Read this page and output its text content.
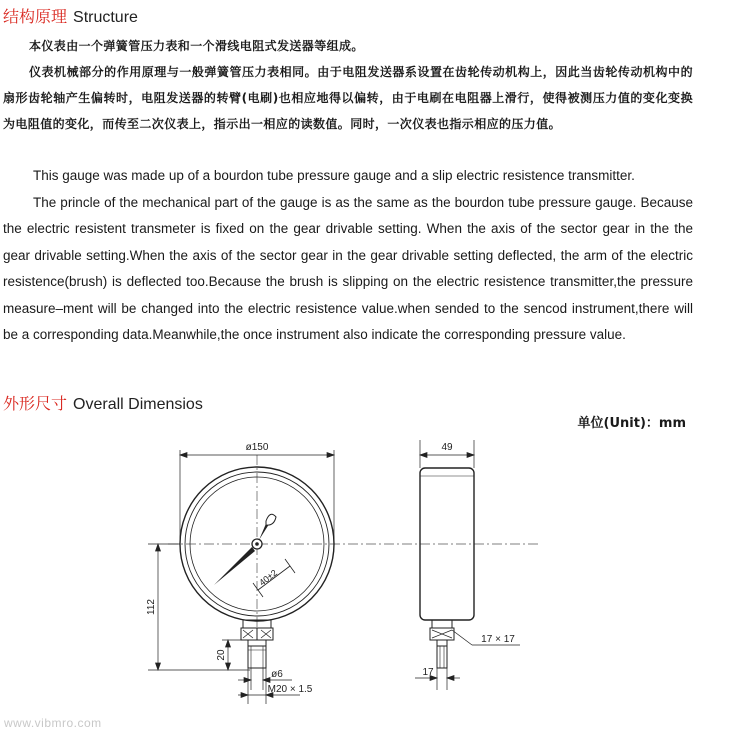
结构原理 Structure

本仪表由一个弹簧管压力表和一个滑线电阻式发送器等组成。

仪表机械部分的作用原理与一般弹簧管压力表相同。由于电阻发送器系设置在齿轮传动机构上，因此当齿轮传动机构中的扇形齿轮轴产生偏转时，电阻发送器的转臂(电刷)也相应地得以偏转，由于电刷在电阻器上滑行，使得被测压力值的变化变换为电阻值的变化，而传至二次仪表上，指示出一相应的读数值。同时，一次仪表也指示相应的压力值。

This gauge was made up of a bourdon tube pressure gauge and a slip electric resistence transmitter.

The princle of the mechanical part of the gauge is as the same as the bourdon tube pressure gauge. Because the electric resistent transmeter is fixed on the gear drivable setting. When the axis of the sector gear in the the gear drivable setting.When the axis of the sector gear in the gear drivable setting deflected, the arm of the electric resistence(brush) is deflected too.Because the brush is slipping on the electric resistence transmitter,the pressure measure–ment will be changed into the electric resistence value.when sended to the sencod instrument,there will be a corresponding data.Meanwhile,the once instrument also indicate the corresponding pressure value.

外形尺寸 Overall Dimensios
单位(Unit)：mm
ø150	49
112
20
ø6
M20 × 1.5
17 × 17
17
40±2
www.vibmro.com
